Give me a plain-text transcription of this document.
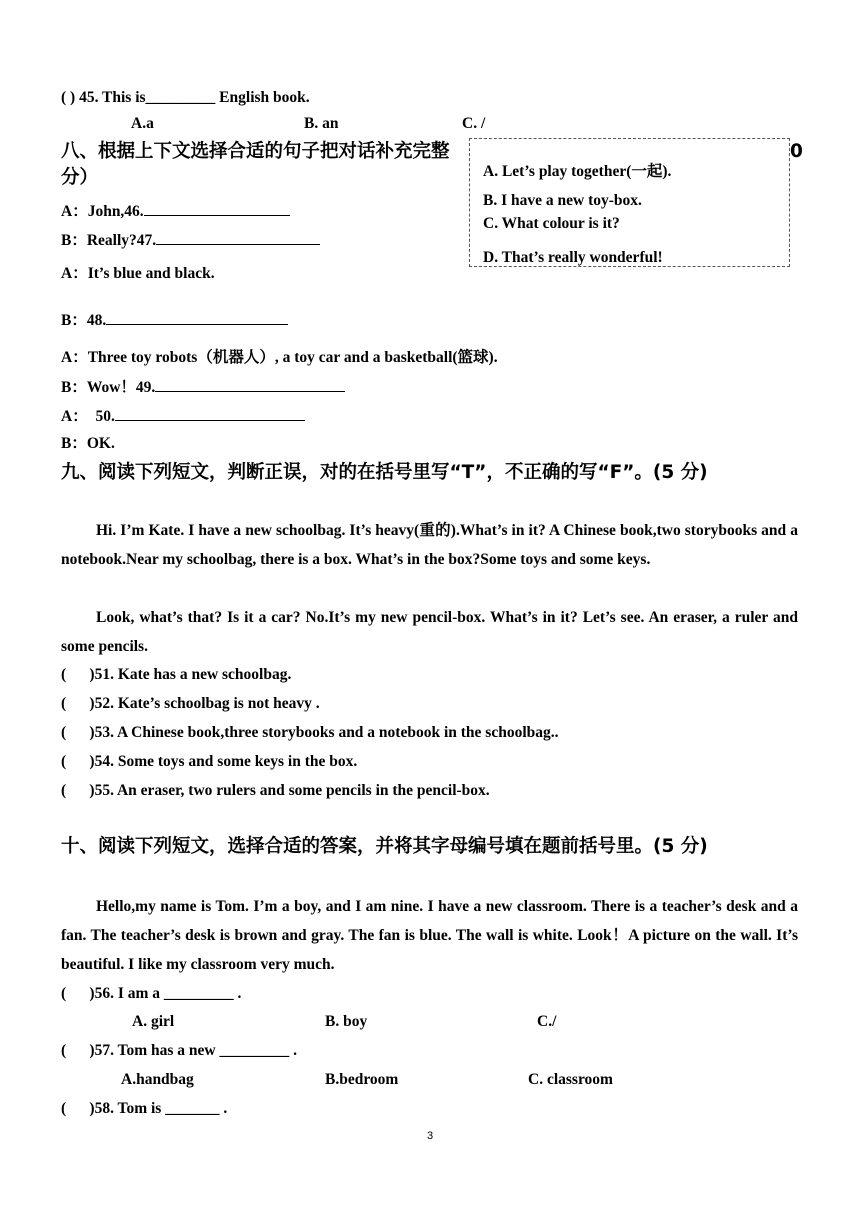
( ) 45. This is_________ English book.
A.a	B. an	C. /
八、根据上下文选择合适的句子把对话补充完整	0
分）
A：John,46.
B：Really?47.
A：It’s blue and black.
B：48.
A：Three toy robots（机器人）, a toy car and a basketball(篮球).
B：Wow！49.
A：  50.
B：OK.
A. Let’s play together(一起).
B. I have a new toy-box.
C. What colour is it?
D. That’s really wonderful!
九、阅读下列短文，判断正误，对的在括号里写“T”，不正确的写“F”。(5 分)
Hi. I’m Kate. I have a new schoolbag. It’s heavy(重的).What’s in it? A Chinese book,two storybooks and a notebook.Near my schoolbag, there is a box. What’s in the box?Some toys and some keys.
Look, what’s that? Is it a car? No.It’s my new pencil-box. What’s in it? Let’s see. An eraser, a ruler and some pencils.
(      )51. Kate has a new schoolbag.
(      )52. Kate’s schoolbag is not heavy .
(      )53. A Chinese book,three storybooks and a notebook in the schoolbag..
(      )54. Some toys and some keys in the box.
(      )55. An eraser, two rulers and some pencils in the pencil-box.
十、阅读下列短文，选择合适的答案，并将其字母编号填在题前括号里。(5 分)
Hello,my name is Tom. I’m a boy, and I am nine. I have a new classroom. There is a teacher’s desk and a fan. The teacher’s desk is brown and gray. The fan is blue. The wall is white. Look！A picture on the wall. It’s beautiful. I like my classroom very much.
(      )56. I am a _________ .
A. girl	B. boy	C./
(      )57. Tom has a new _________ .
A.handbag	B.bedroom	C. classroom
(      )58. Tom is _______ .
3
